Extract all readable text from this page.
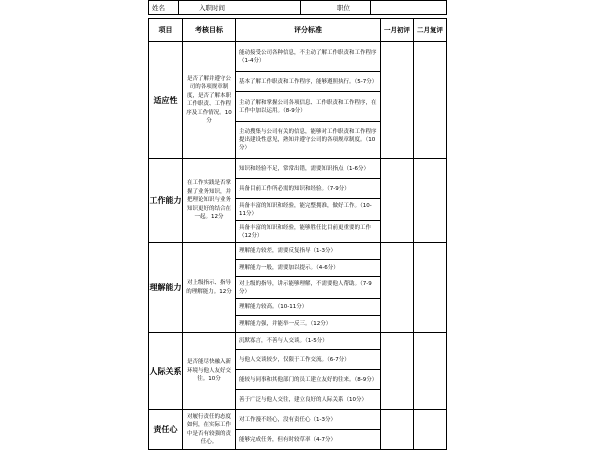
姓名	入职时间	职位	
项目	考核目标	评分标准	一月初评	二月复评
适应性	是否了解并遵守公司的各项规章制度，是否了解本职工作职责、工作程序及工作情况。10分	能动接受公司各种信息，不主动了解工作职责和工作程序（1-4分）		
		基本了解工作职责和工作程序，能够遵照执行。（5-7分）		
		主动了解和掌握公司各项信息、工作职责和工作程序，在工作中加以运用。（8-9分）		
		主动搜集与公司有关的信息，能够对工作职责和工作程序提出建设性意见，熟知并遵守公司的各项规章制度。（10分）		
工作能力	在工作实践是否掌握了业务知识，并把理论知识与业务知识更好的结合在一起。12分	知识和经验不足，常常出错，需要知识指点（1-6分）		
		具备目前工作所必需的知识和经验。（7-9分）		
		具备丰富的知识和经验，能完整拥准，做好工作。（10-11分）		
		具备丰富的知识和经验，能够胜任比目前更重要的工作（12分）		
理解能力	对上级指示、指导的理解能力。12分	理解能力较差，需要反复指导（1-3分）		
		理解能力一般，需要加以提示。（4-6分）		
		对上级的指导，讲示能够理解，不需要他人帮助。（7-9分）		
		理解能力较高。（10-11分）		
		理解能力强，并能举一反三。（12分）		
人际关系	是否能尽快融入新环境与他人友好交往。10分	沉默寡言，不善与人交谈。（1-5分）		
		与他人交谈较少，仅限于工作交流。（6-7分）		
		能较与同事和其他部门的员工建立友好的往来。（8-9分）		
		善于广泛与他人交往，建立良好的人际关系（10分）		
责任心	对履行责任的态度如何，在实际工作中是否有较强的责任心。	对工作漫不经心，没有责任心（1-3分）		
		能够完成任务，但有时较草率（4-7分）		
